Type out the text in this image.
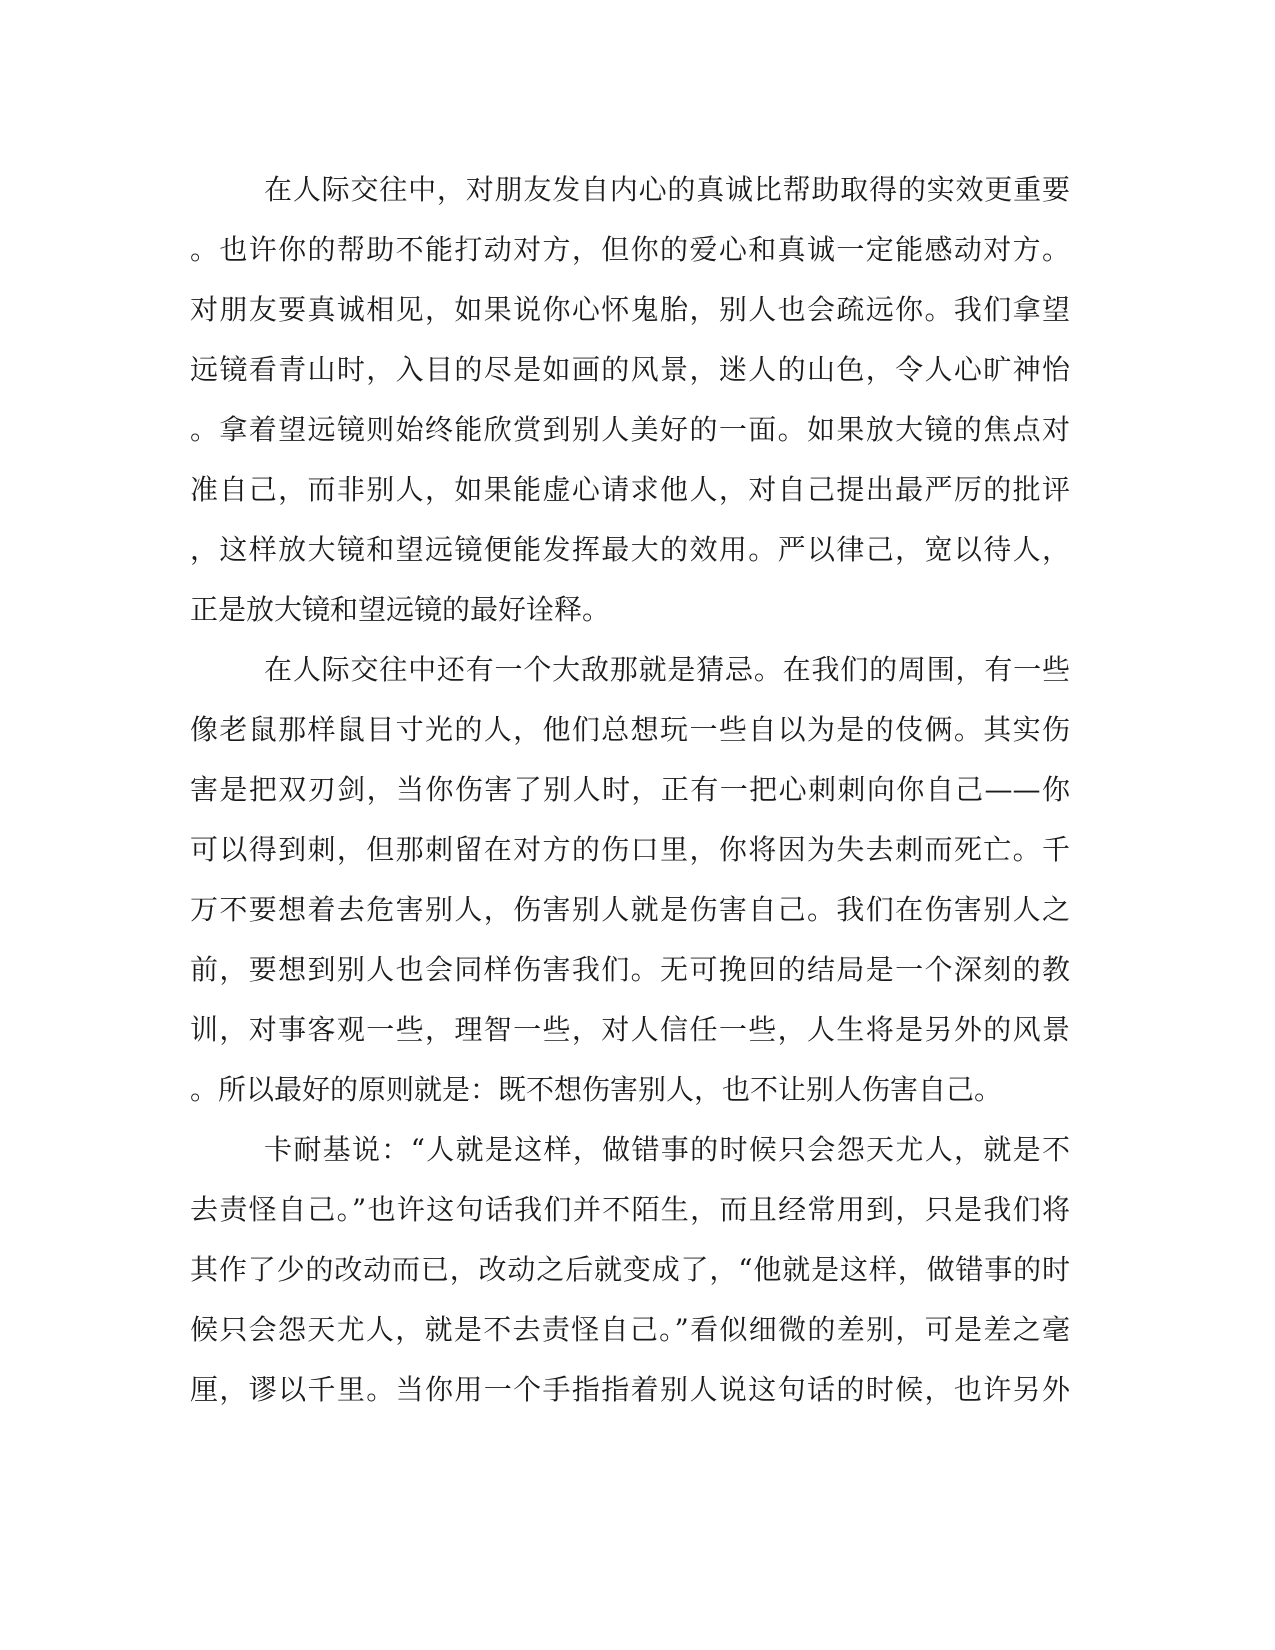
在人际交往中，对朋友发自内心的真诚比帮助取得的实效更重要
。也许你的帮助不能打动对方，但你的爱心和真诚一定能感动对方。
对朋友要真诚相见，如果说你心怀鬼胎，别人也会疏远你。我们拿望
远镜看青山时，入目的尽是如画的风景，迷人的山色，令人心旷神怡
。拿着望远镜则始终能欣赏到别人美好的一面。如果放大镜的焦点对
准自己，而非别人，如果能虚心请求他人，对自己提出最严厉的批评
，这样放大镜和望远镜便能发挥最大的效用。严以律己，宽以待人，
正是放大镜和望远镜的最好诠释。
在人际交往中还有一个大敌那就是猜忌。在我们的周围，有一些
像老鼠那样鼠目寸光的人，他们总想玩一些自以为是的伎俩。其实伤
害是把双刃剑，当你伤害了别人时，正有一把心刺刺向你自己——你
可以得到刺，但那刺留在对方的伤口里，你将因为失去刺而死亡。千
万不要想着去危害别人，伤害别人就是伤害自己。我们在伤害别人之
前，要想到别人也会同样伤害我们。无可挽回的结局是一个深刻的教
训，对事客观一些，理智一些，对人信任一些，人生将是另外的风景
。所以最好的原则就是：既不想伤害别人，也不让别人伤害自己。
卡耐基说：“人就是这样，做错事的时候只会怨天尤人，就是不
去责怪自己。”也许这句话我们并不陌生，而且经常用到，只是我们将
其作了少的改动而已，改动之后就变成了，“他就是这样，做错事的时
候只会怨天尤人，就是不去责怪自己。”看似细微的差别，可是差之毫
厘，谬以千里。当你用一个手指指着别人说这句话的时候，也许另外
